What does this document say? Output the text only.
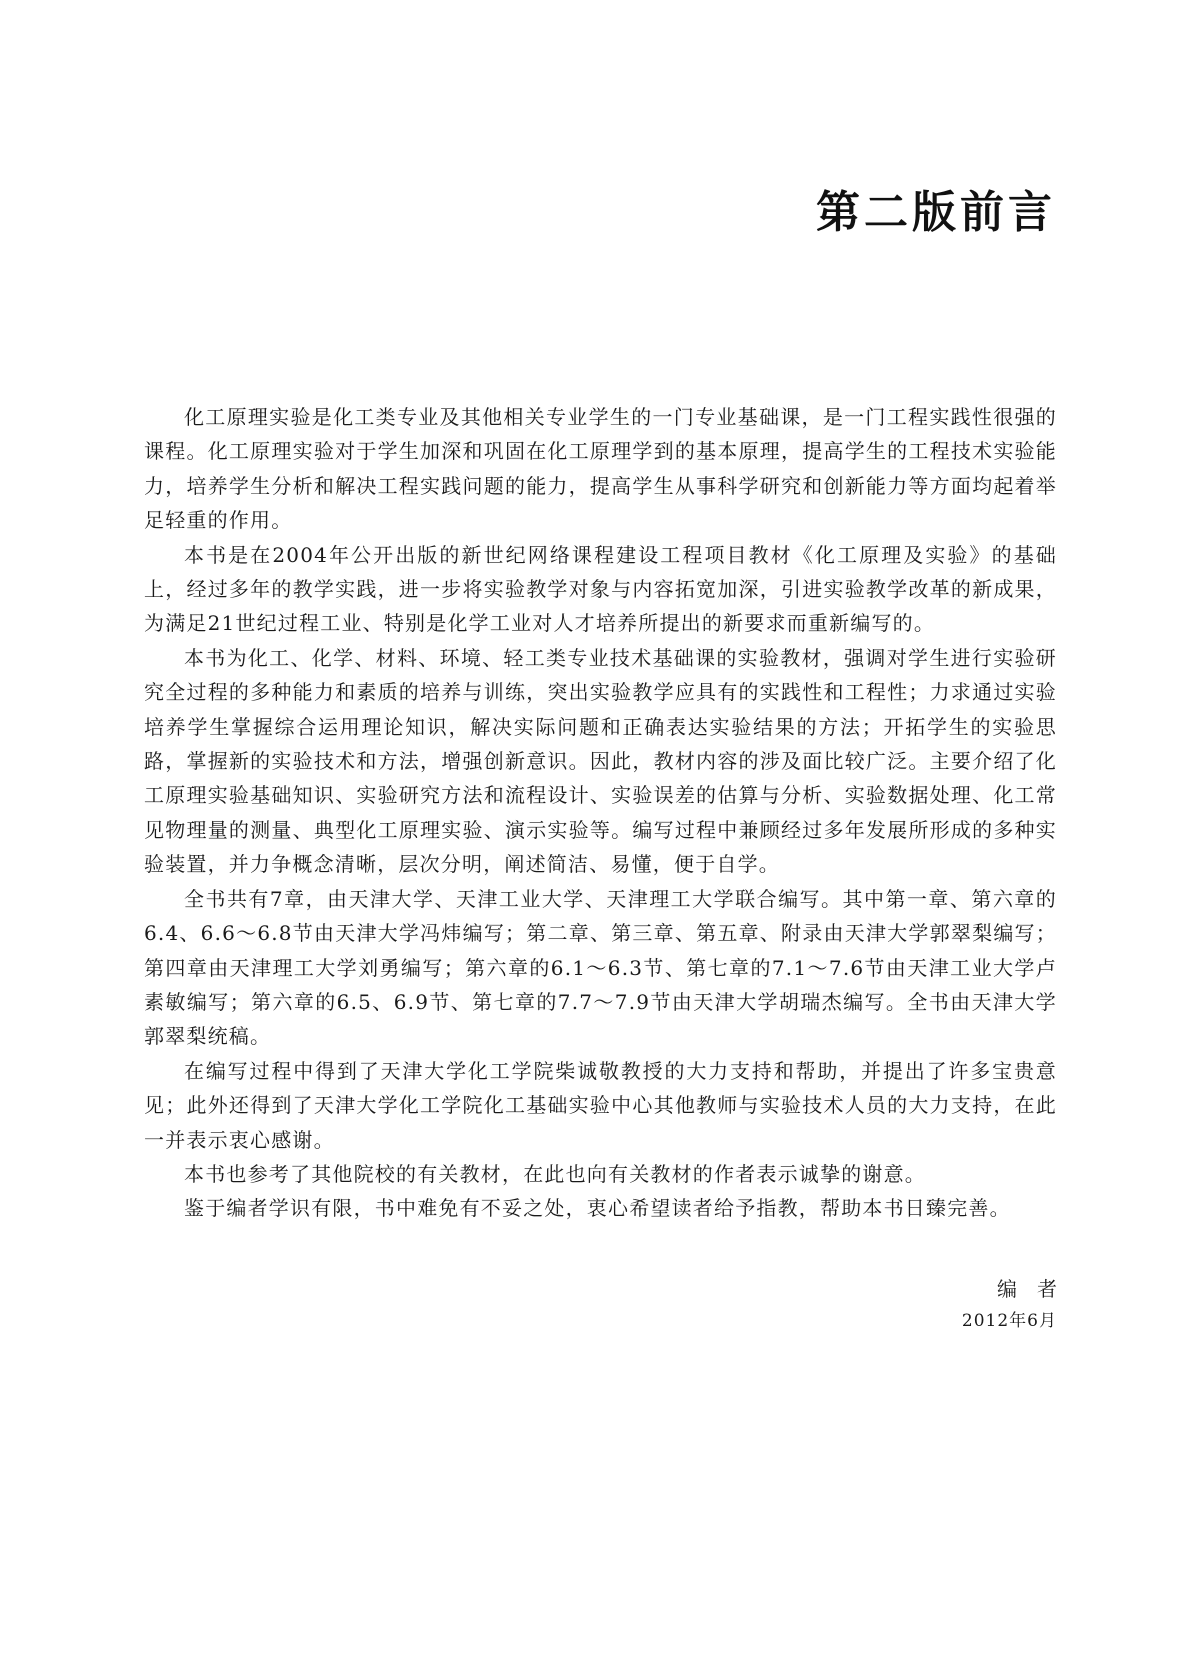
第二版前言

化工原理实验是化工类专业及其他相关专业学生的一门专业基础课，是一门工程实践性很强的课程。化工原理实验对于学生加深和巩固在化工原理学到的基本原理，提高学生的工程技术实验能力，培养学生分析和解决工程实践问题的能力，提高学生从事科学研究和创新能力等方面均起着举足轻重的作用。

本书是在2004年公开出版的新世纪网络课程建设工程项目教材《化工原理及实验》的基础上，经过多年的教学实践，进一步将实验教学对象与内容拓宽加深，引进实验教学改革的新成果，为满足21世纪过程工业、特别是化学工业对人才培养所提出的新要求而重新编写的。

本书为化工、化学、材料、环境、轻工类专业技术基础课的实验教材，强调对学生进行实验研究全过程的多种能力和素质的培养与训练，突出实验教学应具有的实践性和工程性；力求通过实验培养学生掌握综合运用理论知识，解决实际问题和正确表达实验结果的方法；开拓学生的实验思路，掌握新的实验技术和方法，增强创新意识。因此，教材内容的涉及面比较广泛。主要介绍了化工原理实验基础知识、实验研究方法和流程设计、实验误差的估算与分析、实验数据处理、化工常见物理量的测量、典型化工原理实验、演示实验等。编写过程中兼顾经过多年发展所形成的多种实验装置，并力争概念清晰，层次分明，阐述简洁、易懂，便于自学。

全书共有7章，由天津大学、天津工业大学、天津理工大学联合编写。其中第一章、第六章的6.4、6.6～6.8节由天津大学冯炜编写；第二章、第三章、第五章、附录由天津大学郭翠梨编写；第四章由天津理工大学刘勇编写；第六章的6.1～6.3节、第七章的7.1～7.6节由天津工业大学卢素敏编写；第六章的6.5、6.9节、第七章的7.7～7.9节由天津大学胡瑞杰编写。全书由天津大学郭翠梨统稿。

在编写过程中得到了天津大学化工学院柴诚敬教授的大力支持和帮助，并提出了许多宝贵意见；此外还得到了天津大学化工学院化工基础实验中心其他教师与实验技术人员的大力支持，在此一并表示衷心感谢。

本书也参考了其他院校的有关教材，在此也向有关教材的作者表示诚挚的谢意。

鉴于编者学识有限，书中难免有不妥之处，衷心希望读者给予指教，帮助本书日臻完善。

编者
2012年6月
